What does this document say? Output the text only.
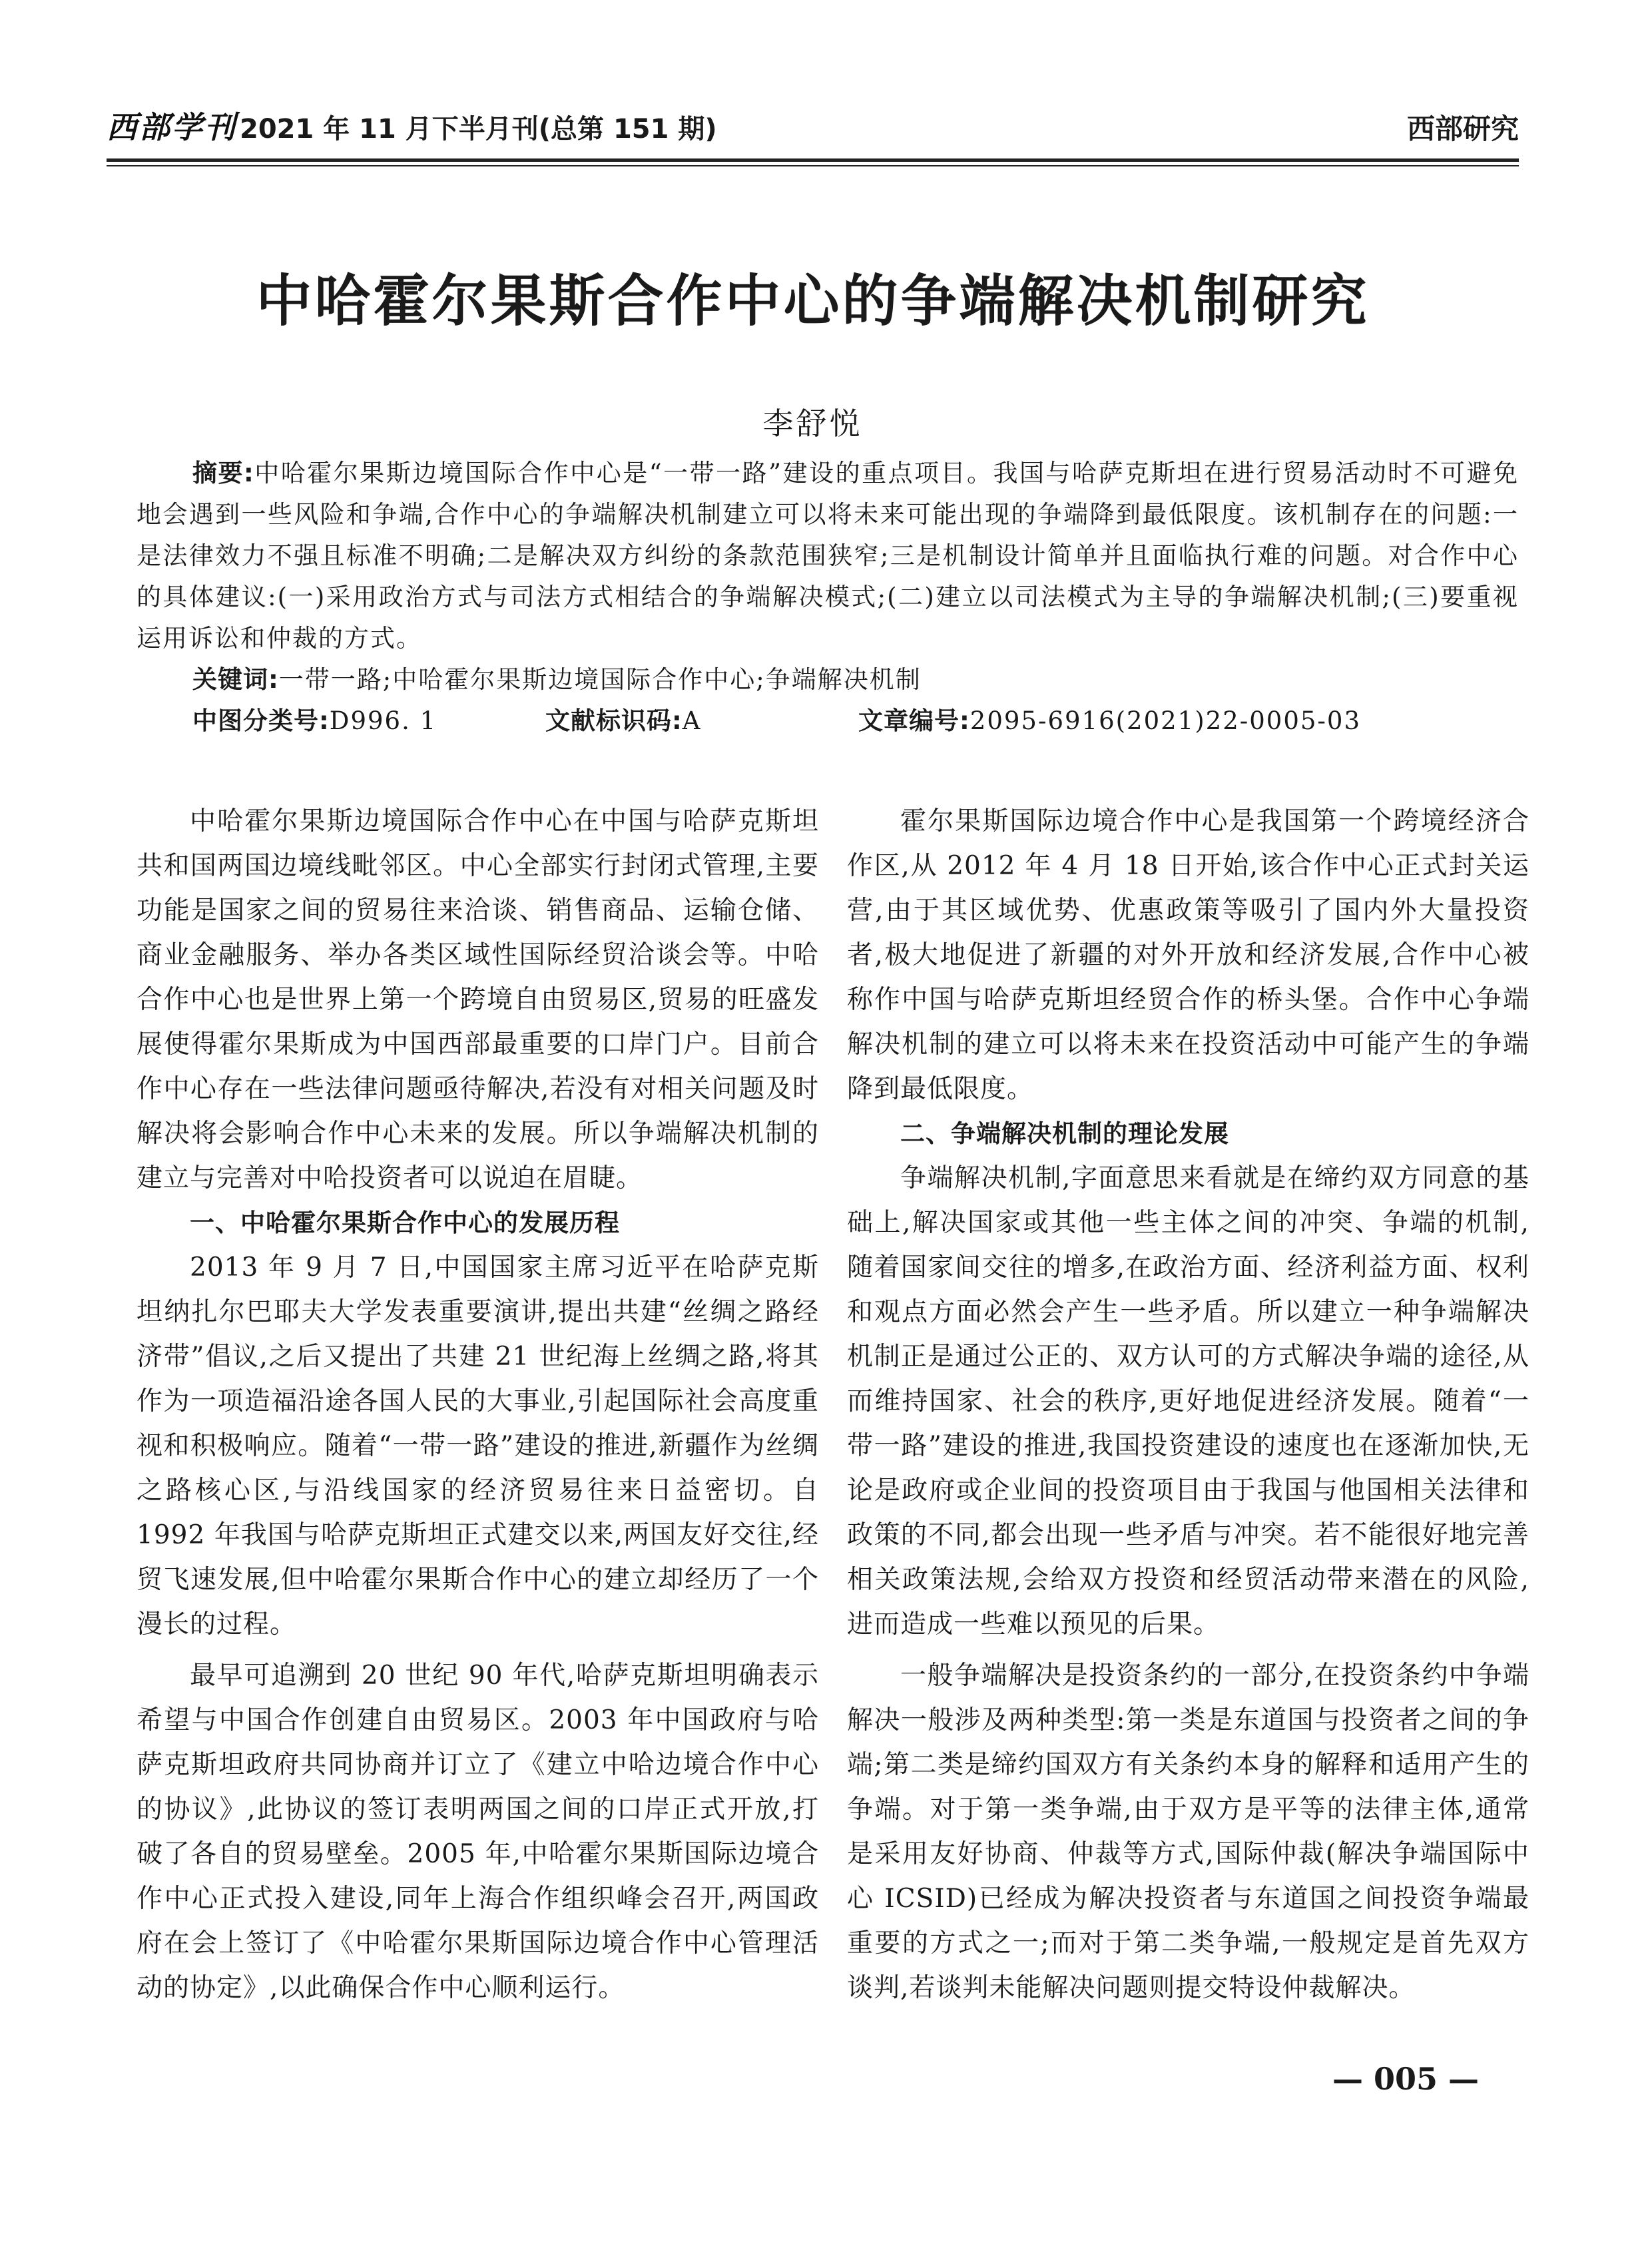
西部学刊 2021 年 11 月下半月刊(总第 151 期)	西部研究
中哈霍尔果斯合作中心的争端解决机制研究
李舒悦

摘要:中哈霍尔果斯边境国际合作中心是“一带一路”建设的重点项目。我国与哈萨克斯坦在进行贸易活动时不可避免地会遇到一些风险和争端,合作中心的争端解决机制建立可以将未来可能出现的争端降到最低限度。该机制存在的问题:一是法律效力不强且标准不明确;二是解决双方纠纷的条款范围狭窄;三是机制设计简单并且面临执行难的问题。对合作中心的具体建议:(一)采用政治方式与司法方式相结合的争端解决模式;(二)建立以司法模式为主导的争端解决机制;(三)要重视运用诉讼和仲裁的方式。

关键词:一带一路;中哈霍尔果斯边境国际合作中心;争端解决机制

中图分类号:D996. 1	文献标识码:A	文章编号:2095-6916(2021)22-0005-03

中哈霍尔果斯边境国际合作中心在中国与哈萨克斯坦共和国两国边境线毗邻区。中心全部实行封闭式管理,主要功能是国家之间的贸易往来洽谈、销售商品、运输仓储、商业金融服务、举办各类区域性国际经贸洽谈会等。中哈合作中心也是世界上第一个跨境自由贸易区,贸易的旺盛发展使得霍尔果斯成为中国西部最重要的口岸门户。目前合作中心存在一些法律问题亟待解决,若没有对相关问题及时解决将会影响合作中心未来的发展。所以争端解决机制的建立与完善对中哈投资者可以说迫在眉睫。

一、中哈霍尔果斯合作中心的发展历程

2013 年 9 月 7 日,中国国家主席习近平在哈萨克斯坦纳扎尔巴耶夫大学发表重要演讲,提出共建“丝绸之路经济带”倡议,之后又提出了共建 21 世纪海上丝绸之路,将其作为一项造福沿途各国人民的大事业,引起国际社会高度重视和积极响应。随着“一带一路”建设的推进,新疆作为丝绸之路核心区,与沿线国家的经济贸易往来日益密切。自 1992 年我国与哈萨克斯坦正式建交以来,两国友好交往,经贸飞速发展,但中哈霍尔果斯合作中心的建立却经历了一个漫长的过程。

最早可追溯到 20 世纪 90 年代,哈萨克斯坦明确表示希望与中国合作创建自由贸易区。2003 年中国政府与哈萨克斯坦政府共同协商并订立了《建立中哈边境合作中心的协议》,此协议的签订表明两国之间的口岸正式开放,打破了各自的贸易壁垒。2005 年,中哈霍尔果斯国际边境合作中心正式投入建设,同年上海合作组织峰会召开,两国政府在会上签订了《中哈霍尔果斯国际边境合作中心管理活动的协定》,以此确保合作中心顺利运行。

霍尔果斯国际边境合作中心是我国第一个跨境经济合作区,从 2012 年 4 月 18 日开始,该合作中心正式封关运营,由于其区域优势、优惠政策等吸引了国内外大量投资者,极大地促进了新疆的对外开放和经济发展,合作中心被称作中国与哈萨克斯坦经贸合作的桥头堡。合作中心争端解决机制的建立可以将未来在投资活动中可能产生的争端降到最低限度。

二、争端解决机制的理论发展

争端解决机制,字面意思来看就是在缔约双方同意的基础上,解决国家或其他一些主体之间的冲突、争端的机制,随着国家间交往的增多,在政治方面、经济利益方面、权利和观点方面必然会产生一些矛盾。所以建立一种争端解决机制正是通过公正的、双方认可的方式解决争端的途径,从而维持国家、社会的秩序,更好地促进经济发展。随着“一带一路”建设的推进,我国投资建设的速度也在逐渐加快,无论是政府或企业间的投资项目由于我国与他国相关法律和政策的不同,都会出现一些矛盾与冲突。若不能很好地完善相关政策法规,会给双方投资和经贸活动带来潜在的风险,进而造成一些难以预见的后果。

一般争端解决是投资条约的一部分,在投资条约中争端解决一般涉及两种类型:第一类是东道国与投资者之间的争端;第二类是缔约国双方有关条约本身的解释和适用产生的争端。对于第一类争端,由于双方是平等的法律主体,通常是采用友好协商、仲裁等方式,国际仲裁(解决争端国际中心 ICSID)已经成为解决投资者与东道国之间投资争端最重要的方式之一;而对于第二类争端,一般规定是首先双方谈判,若谈判未能解决问题则提交特设仲裁解决。

— 005 —
